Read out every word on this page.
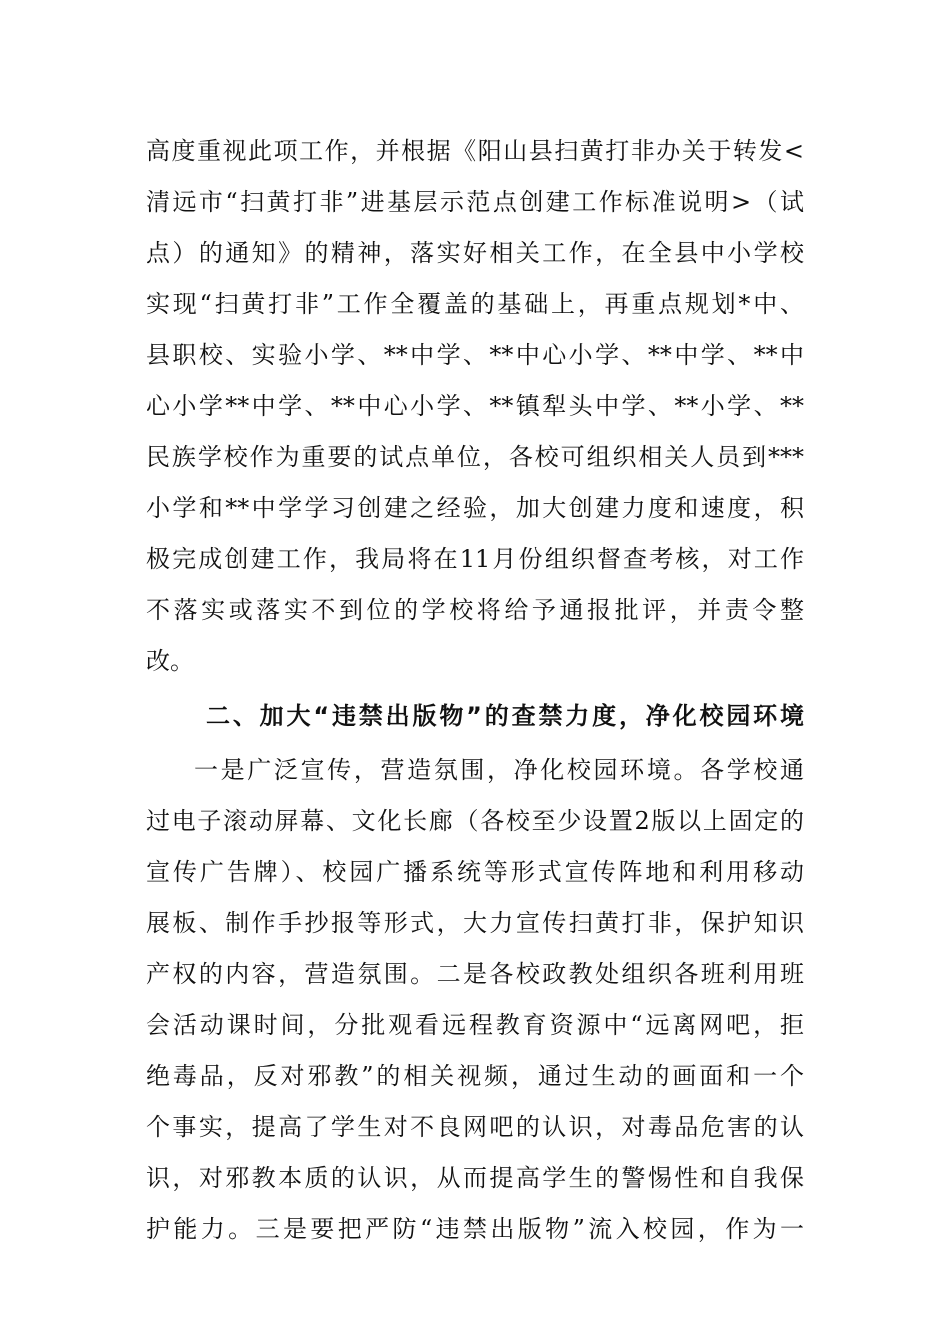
高度重视此项工作，并根据《阳山县扫黄打非办关于转发<
清远市“扫黄打非”进基层示范点创建工作标准说明>（试
点）的通知》的精神，落实好相关工作，在全县中小学校
实现“扫黄打非”工作全覆盖的基础上，再重点规划*中、
县职校、实验小学、**中学、**中心小学、**中学、**中
心小学**中学、**中心小学、**镇犁头中学、**小学、**
民族学校作为重要的试点单位，各校可组织相关人员到***
小学和**中学学习创建之经验，加大创建力度和速度，积
极完成创建工作，我局将在11月份组织督查考核，对工作
不落实或落实不到位的学校将给予通报批评，并责令整
改。
二、加大“违禁出版物”的查禁力度，净化校园环境
一是广泛宣传，营造氛围，净化校园环境。各学校通
过电子滚动屏幕、文化长廊（各校至少设置2版以上固定的
宣传广告牌）、校园广播系统等形式宣传阵地和利用移动
展板、制作手抄报等形式，大力宣传扫黄打非，保护知识
产权的内容，营造氛围。二是各校政教处组织各班利用班
会活动课时间，分批观看远程教育资源中“远离网吧，拒
绝毒品，反对邪教”的相关视频，通过生动的画面和一个
个事实，提高了学生对不良网吧的认识，对毒品危害的认
识，对邪教本质的认识，从而提高学生的警惕性和自我保
护能力。三是要把严防“违禁出版物”流入校园，作为一
